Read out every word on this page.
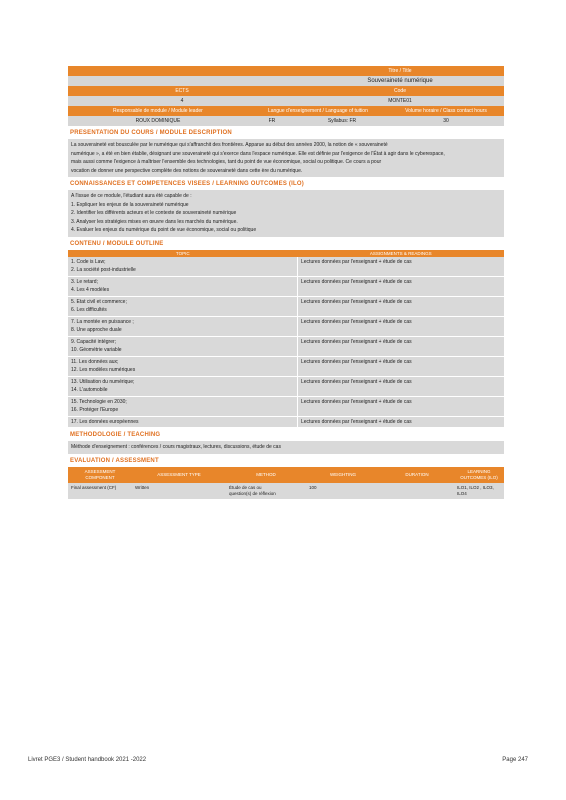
		Titre / Title	
		Souveraineté numérique	
ECTS		Code	
4		MONTE01	
Responsable de module / Module leader	Langue d'enseignement / Language of tuition		Volume horaire / Class contact hours
ROUX DOMINIQUE	FR	Syllabus: FR	30
PRESENTATION DU COURS / MODULE DESCRIPTION
La souveraineté est bousculée par le numérique qui s'affranchit des frontières. Apparue au début des années 2000, la notion de « souveraineté
numérique », a été en bien établie, désignant une souveraineté qui s'exerce dans l'espace numérique. Elle est définie par l'exigence de l'État à agir dans le cyberespace,
mais aussi comme l'exigence à maîtriser l'ensemble des technologies, tant du point de vue économique, social ou politique. Ce cours a pour
vocation de donner une perspective complète des notions de souveraineté dans cette ère du numérique.
CONNAISSANCES ET COMPETENCES VISEES / LEARNING OUTCOMES (ILO)
A l'issue de ce module, l'étudiant aura été capable de :
1. Expliquer les enjeux de la souveraineté numérique
2. Identifier les différents acteurs et le contexte de souveraineté numérique
3. Analyser les stratégies mises en œuvre dans les marchés du numérique.
4. Evaluer les enjeux du numérique du point de vue économique, social ou politique
CONTENU / MODULE OUTLINE
TOPIC	ASSIGNMENTS & READINGS

1. Code is Law;
2. La société post-industrielle	Lectures données par l'enseignant + étude de cas

3. Le retard;
4. Les 4 modèles	Lectures données par l'enseignant + étude de cas

5. Etat civil et commerce;
6. Les difficultés	Lectures données par l'enseignant + étude de cas

7. La montée en puissance ;
8. Une approche duale	Lectures données par l'enseignant + étude de cas

9. Capacité intégrer;
10. Géométrie variable	Lectures données par l'enseignant + étude de cas

11. Les données aux;
12. Les modèles numériques	Lectures données par l'enseignant + étude de cas

13. Utilisation du numérique;
14. L'automobile	Lectures données par l'enseignant + étude de cas

15. Technologie en 2030;
16. Protéger l'Europe	Lectures données par l'enseignant + étude de cas

17. Les données européennes	Lectures données par l'enseignant + étude de cas
METHODOLOGIE / TEACHING
Méthode d'enseignement : conférences / cours magistraux, lectures, discussions, étude de cas
EVALUATION / ASSESSMENT
ASSESSMENT COMPONENT	ASSESSMENT TYPE	METHOD	WEIGHTING	DURATION	LEARNING OUTCOMES (ILO)
Final assessment (CF)	Written	Étude de cas ou
question(s) de réflexion	100		ILO1, ILO2 , ILO3, ILO4
Livret PGE3 / Student handbook 2021 -2022	Page 247
